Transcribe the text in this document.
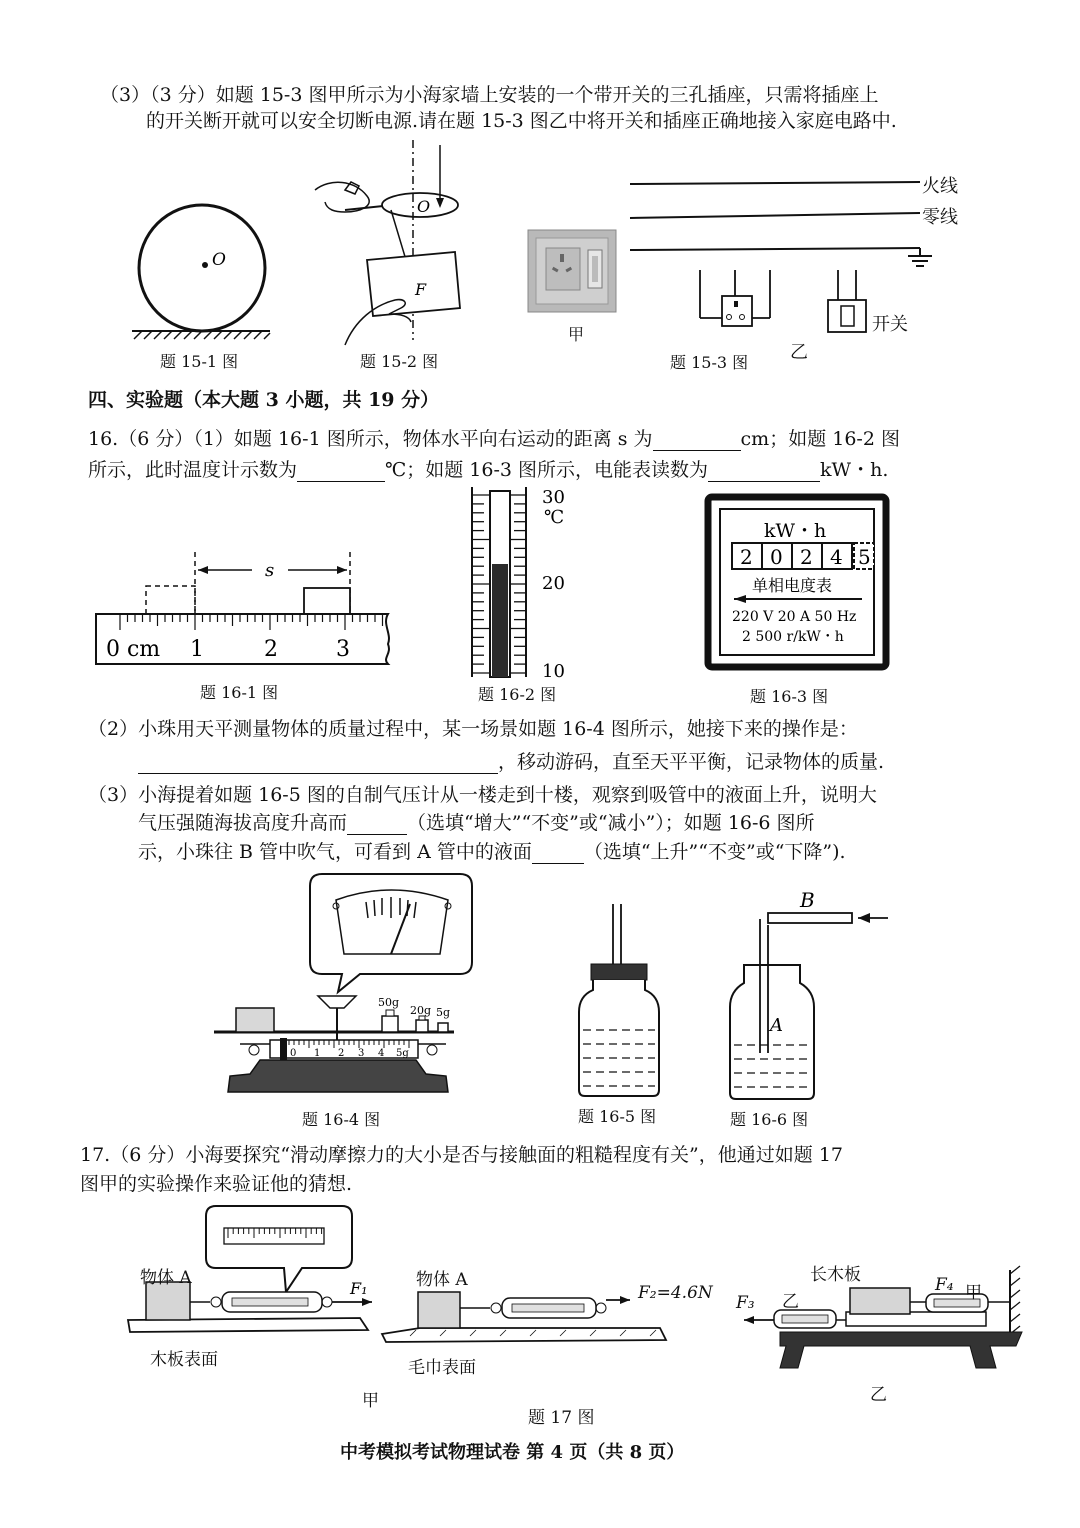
（3）（3 分）如题 15-3 图甲所示为小海家墙上安装的一个带开关的三孔插座，只需将插座上
的开关断开就可以安全切断电源.请在题 15-3 图乙中将开关和插座正确地接入家庭电路中.
O
题 15-1 图
O
F
题 15-2 图
甲
火线
零线
开关
乙
题 15-3 图
四、实验题（本大题 3 小题，共 19 分）
16.（6 分）（1）如题 16-1 图所示，物体水平向右运动的距离 s 为	cm；如题 16-2 图
所示，此时温度计示数为	℃；如题 16-3 图所示，电能表读数为	kW・h.
s
0 cm 1	2	3
题 16-1 图
30
℃
20
10
题 16-2 图
kW・h
2 0 2 4 5
单相电度表
220 V 20 A 50 Hz
2 500 r/kW・h
题 16-3 图
（2）小珠用天平测量物体的质量过程中，某一场景如题 16-4 图所示，她接下来的操作是：
，移动游码，直至天平平衡，记录物体的质量.
（3）小海提着如题 16-5 图的自制气压计从一楼走到十楼，观察到吸管中的液面上升，说明大
气压强随海拔高度升高而	（选填“增大”“不变”或“减小”）；如题 16-6 图所
示，小珠往 B 管中吹气，可看到 A 管中的液面	（选填“上升”“不变”或“下降”).
50g
20g 5g
0 1 2 3 4 5g
题 16-4 图	题 16-5 图
B
A
题 16-6 图
17.（6 分）小海要探究“滑动摩擦力的大小是否与接触面的粗糙程度有关”，他通过如题 17
图甲的实验操作来验证他的猜想.
F₁
物体 A	物体 A
F₂=4.6N
木板表面	毛巾表面
甲
长木板	F₄ 甲
F₃ 乙
乙
题 17 图
中考模拟考试物理试卷 第 4 页（共 8 页）
